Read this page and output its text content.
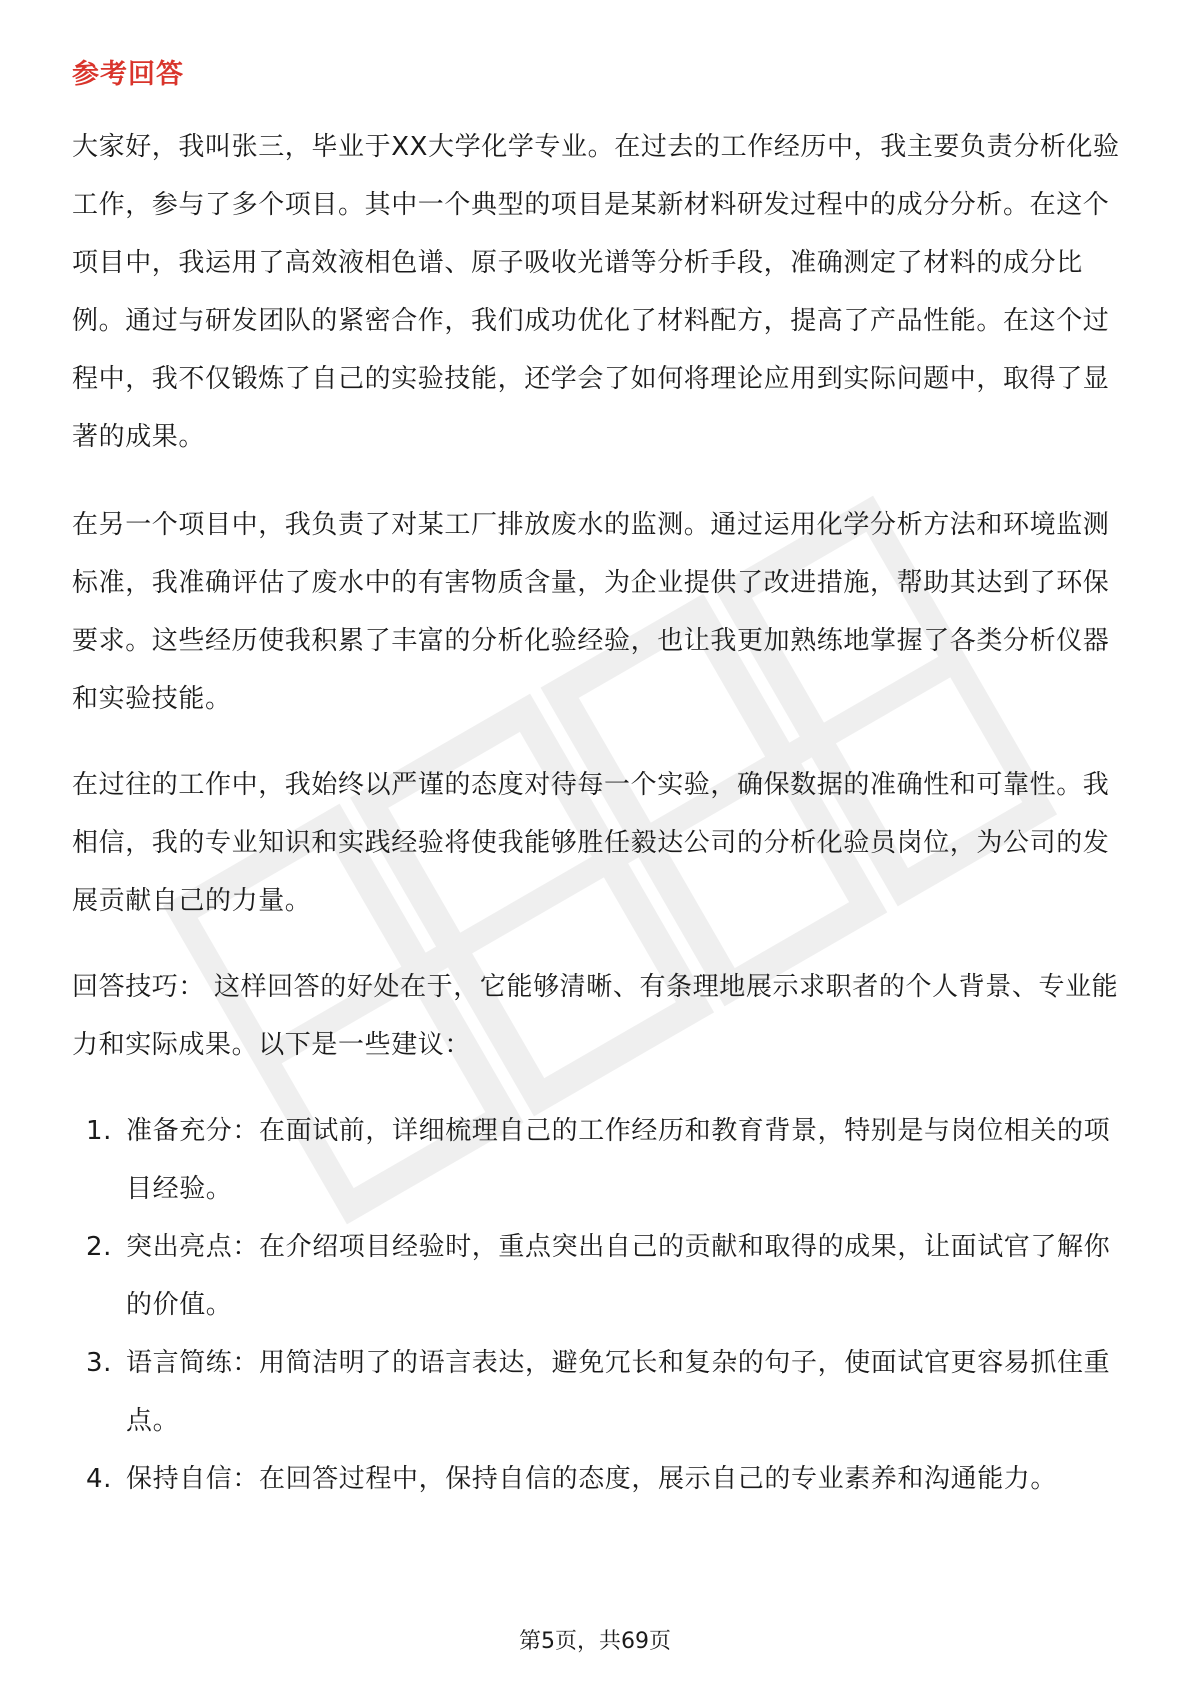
参考回答

大家好，我叫张三，毕业于XX大学化学专业。在过去的工作经历中，我主要负责分析化验工作，参与了多个项目。其中一个典型的项目是某新材料研发过程中的成分分析。在这个项目中，我运用了高效液相色谱、原子吸收光谱等分析手段，准确测定了材料的成分比例。通过与研发团队的紧密合作，我们成功优化了材料配方，提高了产品性能。在这个过程中，我不仅锻炼了自己的实验技能，还学会了如何将理论应用到实际问题中，取得了显著的成果。

在另一个项目中，我负责了对某工厂排放废水的监测。通过运用化学分析方法和环境监测标准，我准确评估了废水中的有害物质含量，为企业提供了改进措施，帮助其达到了环保要求。这些经历使我积累了丰富的分析化验经验，也让我更加熟练地掌握了各类分析仪器和实验技能。

在过往的工作中，我始终以严谨的态度对待每一个实验，确保数据的准确性和可靠性。我相信，我的专业知识和实践经验将使我能够胜任毅达公司的分析化验员岗位，为公司的发展贡献自己的力量。

回答技巧： 这样回答的好处在于，它能够清晰、有条理地展示求职者的个人背景、专业能力和实际成果。以下是一些建议：

1. 准备充分：在面试前，详细梳理自己的工作经历和教育背景，特别是与岗位相关的项目经验。
2. 突出亮点：在介绍项目经验时，重点突出自己的贡献和取得的成果，让面试官了解你的价值。
3. 语言简练：用简洁明了的语言表达，避免冗长和复杂的句子，使面试官更容易抓住重点。
4. 保持自信：在回答过程中，保持自信的态度，展示自己的专业素养和沟通能力。
第5页，共69页
